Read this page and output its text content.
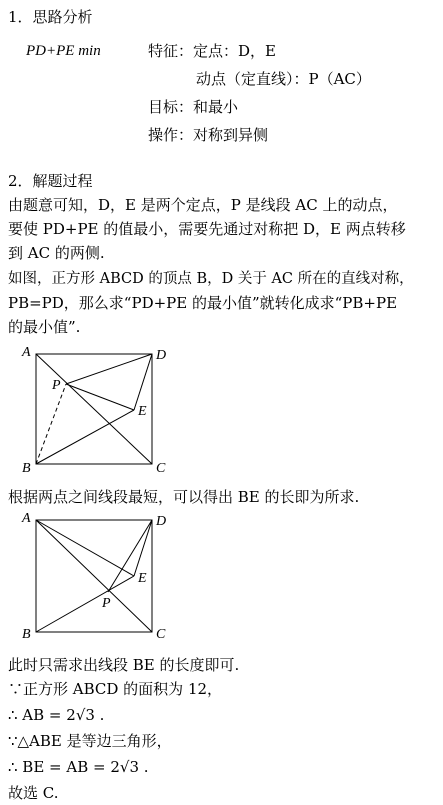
1．思路分析
PD+PE min	特征：定点：D，E
动点（定直线）：P（AC）
目标：和最小
操作：对称到异侧
2．解题过程
由题意可知，D，E 是两个定点，P 是线段 AC 上的动点，
要使 PD+PE 的值最小，需要先通过对称把 D，E 两点转移
到 AC 的两侧.
如图，正方形 ABCD 的顶点 B，D 关于 AC 所在的直线对称，
PB=PD，那么求“PD+PE 的最小值”就转化成求“PB+PE
的最小值”.
A	D
P
E
B	C
根据两点之间线段最短，可以得出 BE 的长即为所求.
A	D
E
P
B	C
此时只需求出线段 BE 的长度即可.
∵正方形 ABCD 的面积为 12，
∴ AB = 2√3 .
∵△ABE 是等边三角形，
∴ BE = AB = 2√3 .
故选 C.
